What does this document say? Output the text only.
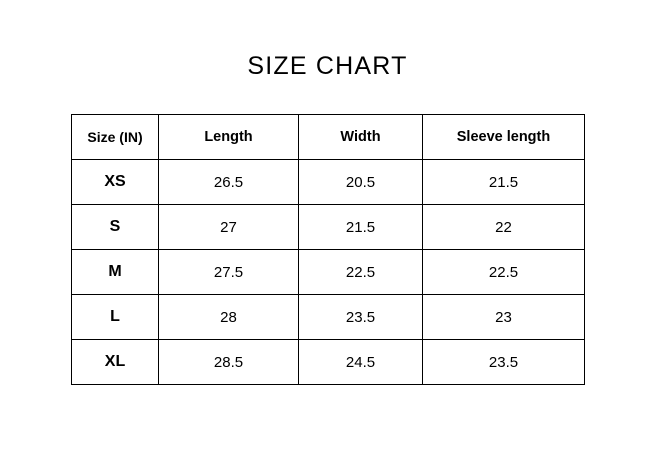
SIZE CHART
Size (IN)	Length	Width	Sleeve length
XS	26.5	20.5	21.5
S	27	21.5	22
M	27.5	22.5	22.5
L	28	23.5	23
XL	28.5	24.5	23.5
